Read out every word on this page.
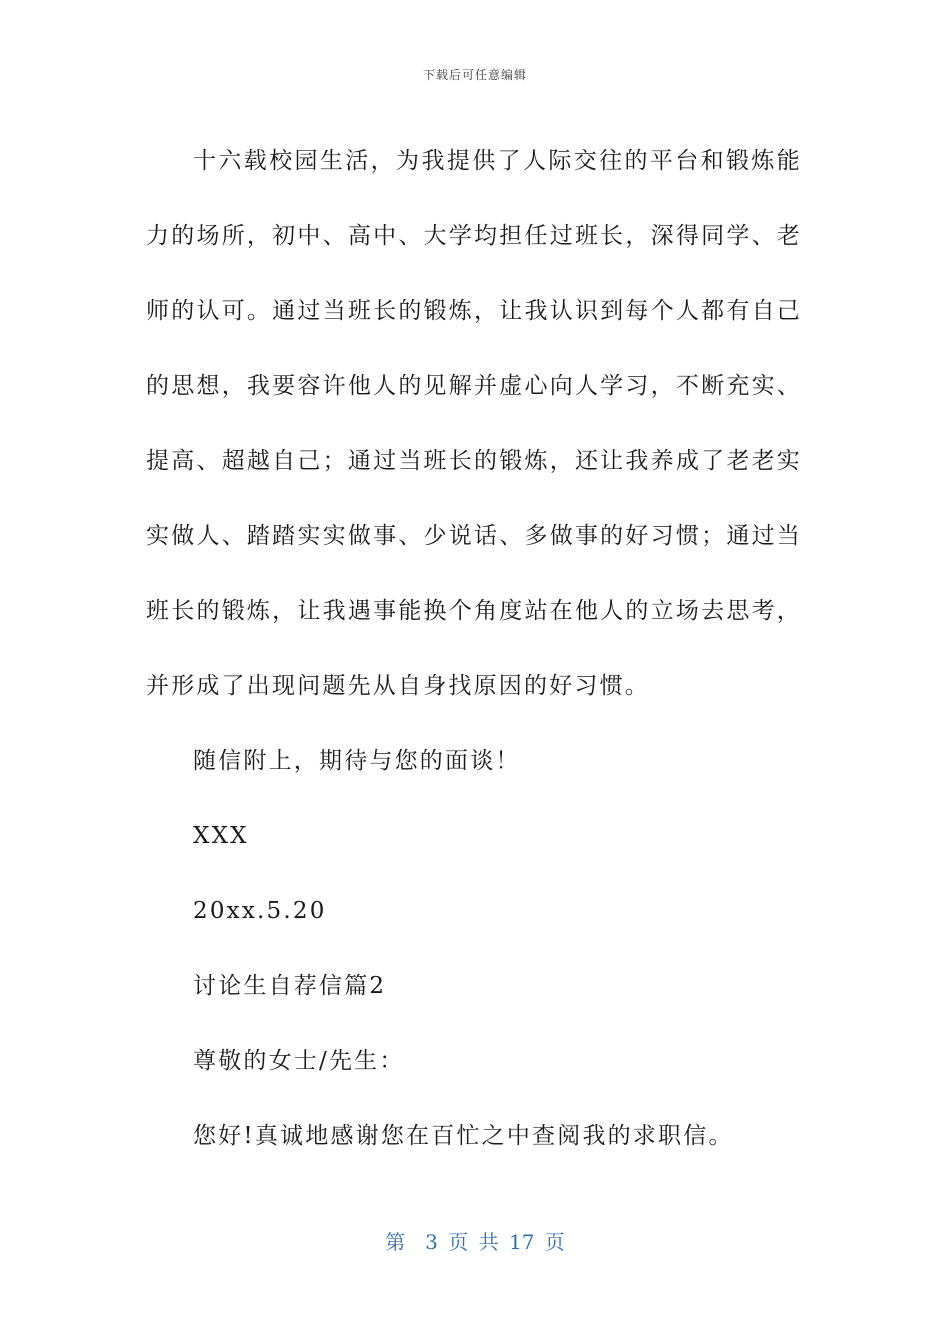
下载后可任意编辑

十六载校园生活，为我提供了人际交往的平台和锻炼能力的场所，初中、高中、大学均担任过班长，深得同学、老师的认可。通过当班长的锻炼，让我认识到每个人都有自己的思想，我要容许他人的见解并虚心向人学习，不断充实、提高、超越自己；通过当班长的锻炼，还让我养成了老老实实做人、踏踏实实做事、少说话、多做事的好习惯；通过当班长的锻炼，让我遇事能换个角度站在他人的立场去思考，并形成了出现问题先从自身找原因的好习惯。

随信附上，期待与您的面谈！

XXX

20xx.5.20

讨论生自荐信篇2

尊敬的女士/先生：

您好!真诚地感谢您在百忙之中查阅我的求职信。

第　3 页 共 17 页
